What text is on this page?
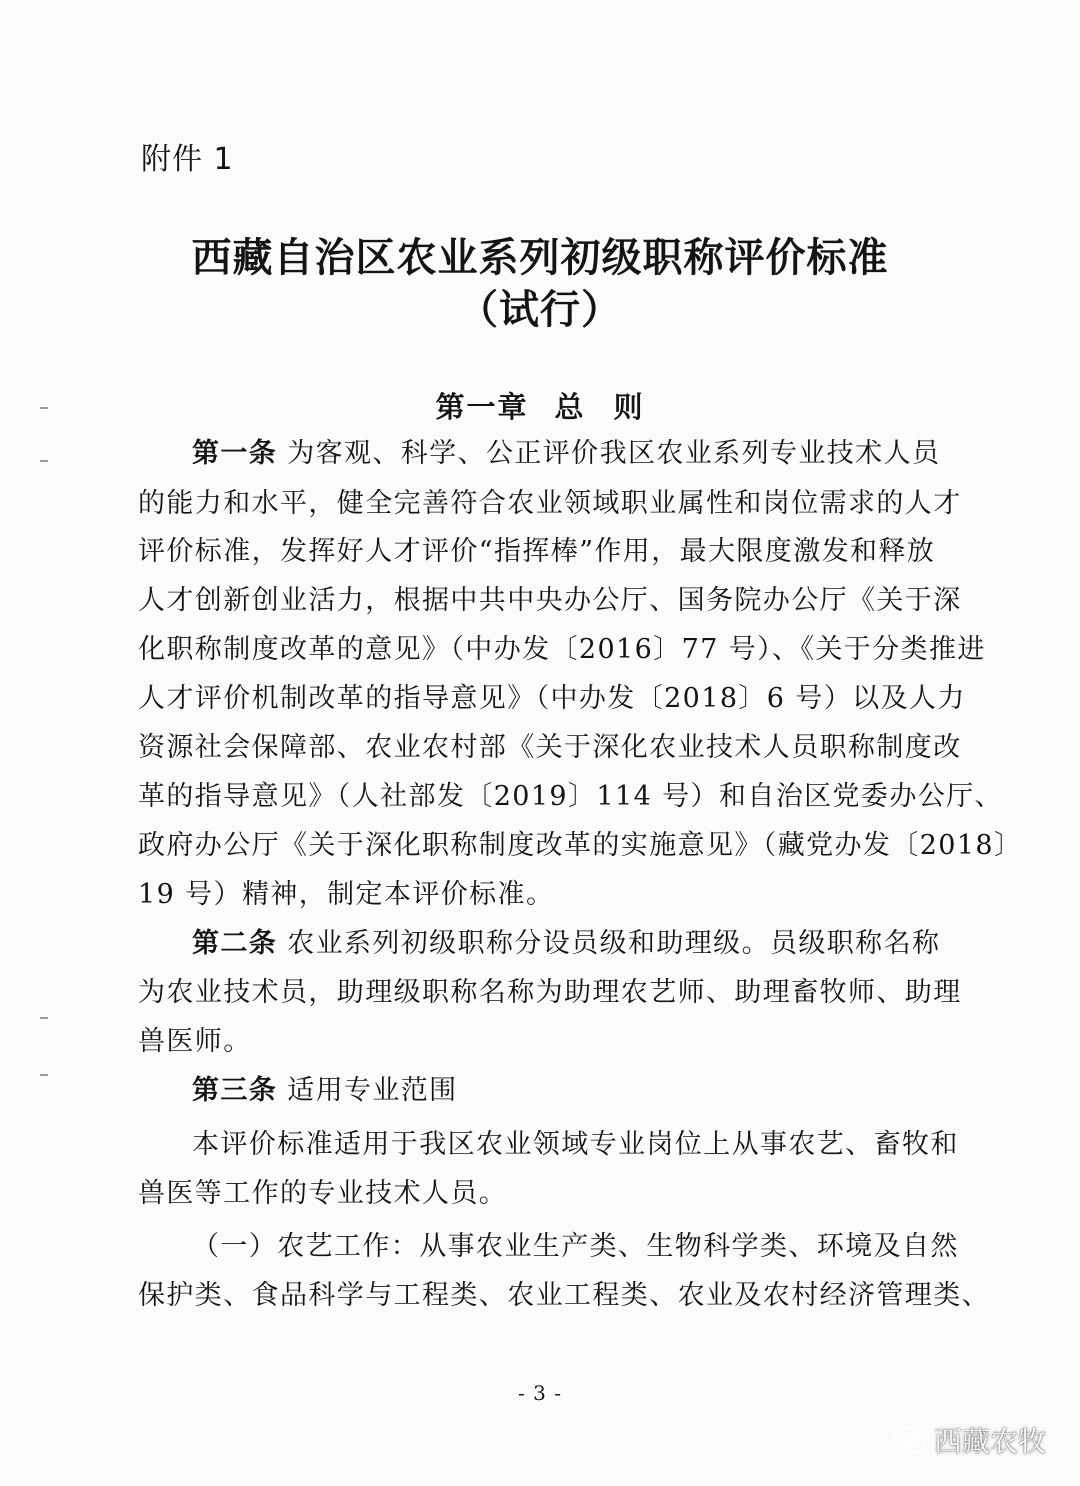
附件 1
西藏自治区农业系列初级职称评价标准
（试行）
第一章 总 则
第一条 为客观、科学、公正评价我区农业系列专业技术人员
的能力和水平，健全完善符合农业领域职业属性和岗位需求的人才
评价标准，发挥好人才评价“指挥棒”作用，最大限度激发和释放
人才创新创业活力，根据中共中央办公厅、国务院办公厅《关于深
化职称制度改革的意见》（中办发〔2016〕77 号）、《关于分类推进
人才评价机制改革的指导意见》（中办发〔2018〕6 号）以及人力
资源社会保障部、农业农村部《关于深化农业技术人员职称制度改
革的指导意见》（人社部发〔2019〕114 号）和自治区党委办公厅、
政府办公厅《关于深化职称制度改革的实施意见》（藏党办发〔2018〕
19 号）精神，制定本评价标准。
第二条 农业系列初级职称分设员级和助理级。员级职称名称
为农业技术员，助理级职称名称为助理农艺师、助理畜牧师、助理
兽医师。
第三条 适用专业范围
本评价标准适用于我区农业领域专业岗位上从事农艺、畜牧和
兽医等工作的专业技术人员。
（一）农艺工作：从事农业生产类、生物科学类、环境及自然
保护类、食品科学与工程类、农业工程类、农业及农村经济管理类、
- 3 -
西藏农牧
